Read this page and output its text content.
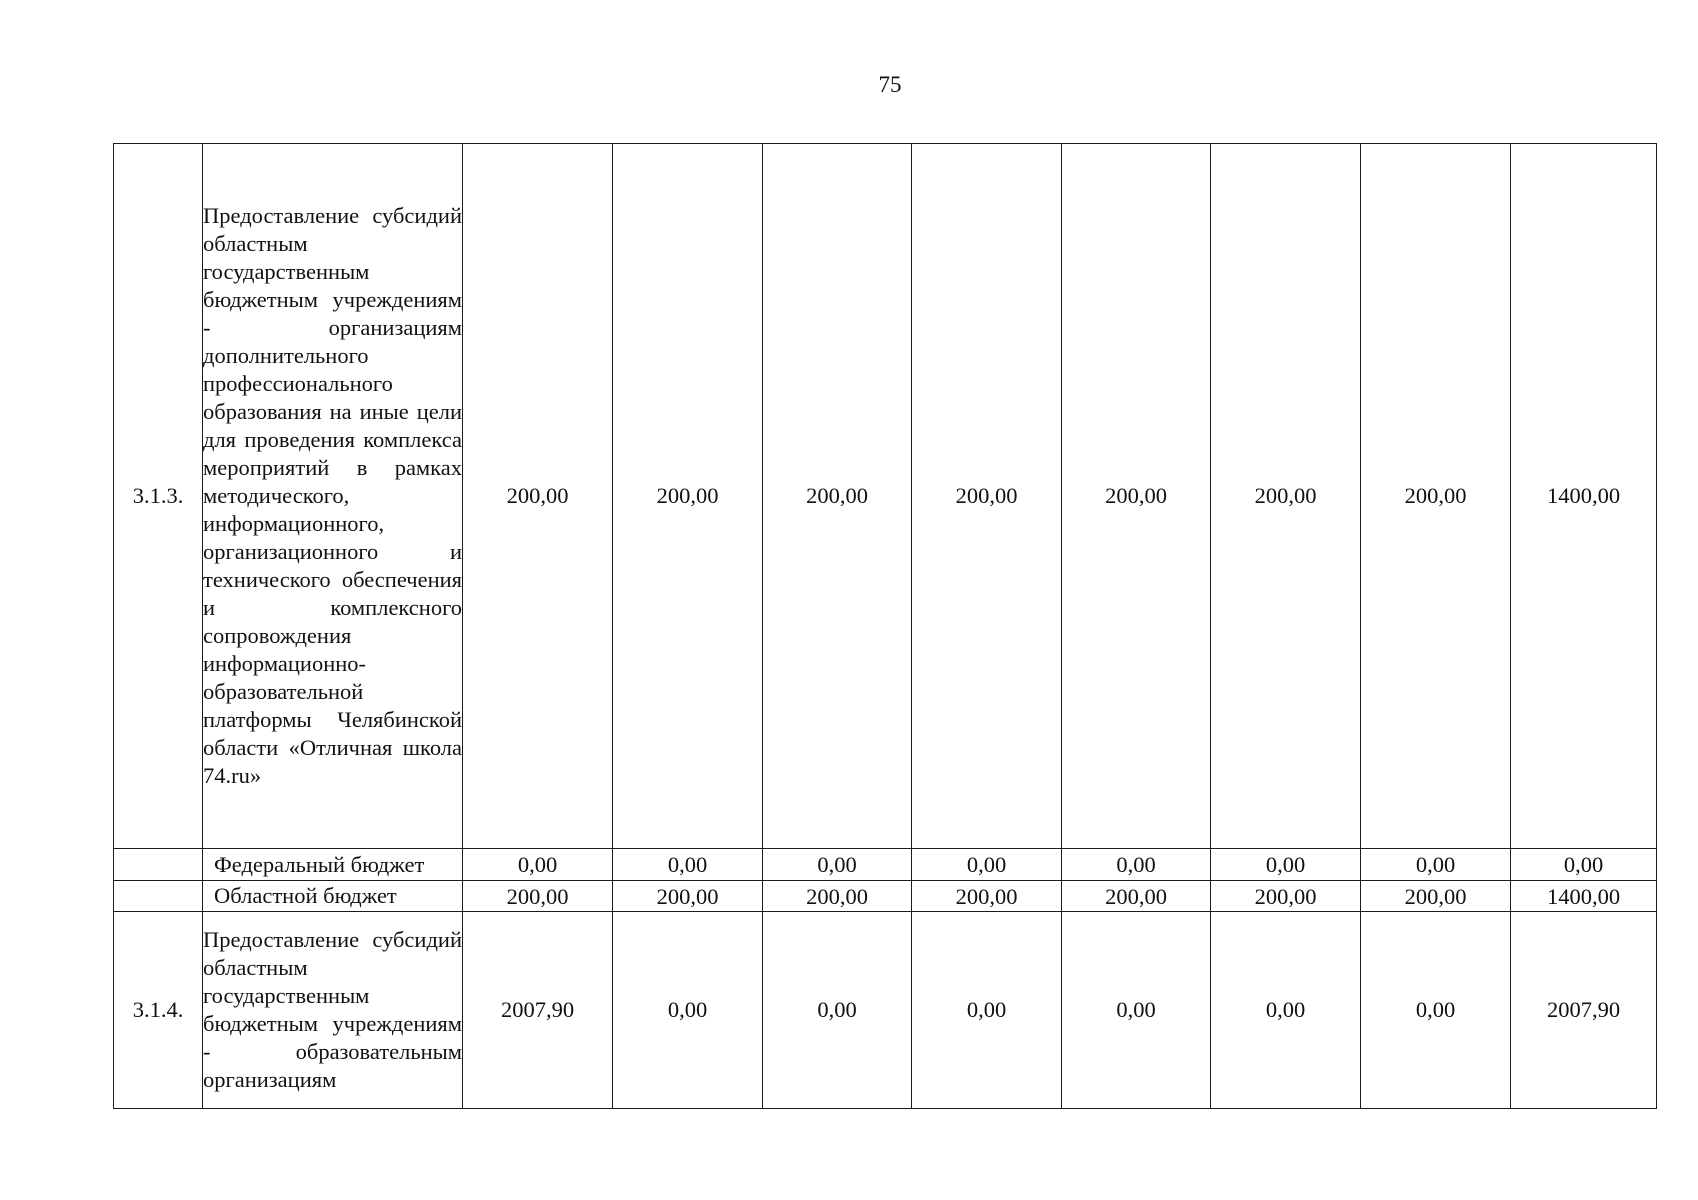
75
3.1.3.	Предоставление субсидий областным государственным бюджетным учреждениям - организациям дополнительного профессионального образования на иные цели для проведения комплекса мероприятий в рамках методического, информационного, организационного и технического обеспечения и комплексного сопровождения информационно-образовательной платформы Челябинской области «Отличная школа 74.ru»	200,00	200,00	200,00	200,00	200,00	200,00	200,00	1400,00
	Федеральный бюджет	0,00	0,00	0,00	0,00	0,00	0,00	0,00	0,00
	Областной бюджет	200,00	200,00	200,00	200,00	200,00	200,00	200,00	1400,00
3.1.4.	Предоставление субсидий областным государственным бюджетным учреждениям - образовательным организациям	2007,90	0,00	0,00	0,00	0,00	0,00	0,00	2007,90
